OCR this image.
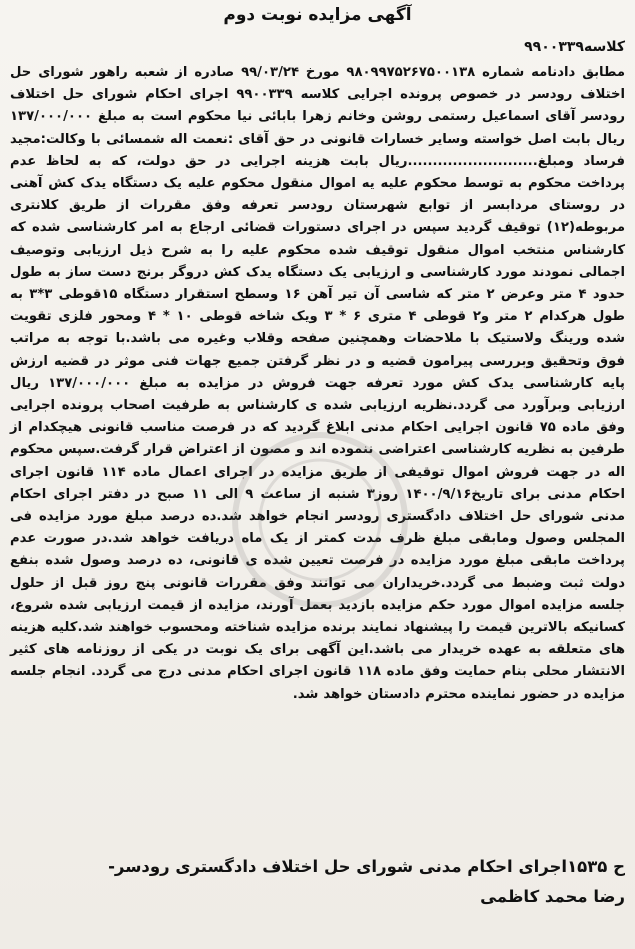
آگهی مزایده نوبت دوم
کلاسه۹۹۰۰۳۳۹
مطابق دادنامه شماره ۹۸۰۹۹۷۵۲۶۷۵۰۰۱۳۸ مورخ ۹۹/۰۳/۲۴ صادره از شعبه راهور شورای حل اختلاف رودسر در خصوص پرونده اجرایی کلاسه ۹۹۰۰۳۳۹ اجرای احکام شورای حل اختلاف رودسر آقای اسماعیل رستمی روشن وخانم زهرا بابائی نیا محکوم است به مبلغ ۱۳۷/۰۰۰/۰۰۰ ریال بابت اصل خواسته وسایر خسارات قانونی در حق آقای :نعمت اله شمسائی با وکالت:مجید فرساد ومبلغ..........................ریال بابت هزینه اجرایی در حق دولت، که به لحاظ عدم پرداخت محکوم به توسط محکوم علیه یه اموال منقول محکوم علیه یک دستگاه یدک کش آهنی در روستای مردابسر از توابع شهرستان رودسر تعرفه وفق مقررات از طریق کلانتری مربوطه(۱۲) توقیف گردید سپس در اجرای دستورات قضائی ارجاع به امر کارشناسی شده که کارشناس منتخب اموال منقول توقیف شده محکوم علیه را به شرح ذیل ارزیابی وتوصیف اجمالی نمودند مورد کارشناسی و ارزیابی یک دستگاه یدک کش دروگر برنج دست ساز به طول حدود ۴ متر وعرض ۲ متر که شاسی آن تیر آهن ۱۶ وسطح استقرار دستگاه ۱۵قوطی ۳*۳ به طول هرکدام ۲ متر و۲ قوطی ۴ متری ۶ * ۳ ویک شاخه قوطی ۱۰ * ۴ ومحور فلزی تقویت شده ورینگ ولاستیک با ملاحضات وهمچنین صفحه وقلاب وغیره می باشد.با توجه به مراتب فوق وتحقیق وبررسی پیرامون قضیه و در نظر گرفتن جمیع جهات فنی موثر در قضیه ارزش پایه کارشناسی یدک کش مورد تعرفه جهت فروش در مزایده به مبلغ ۱۳۷/۰۰۰/۰۰۰ ریال ارزیابی وبرآورد می گردد.نظریه ارزیابی شده ی کارشناس به طرفیت اصحاب پرونده اجرایی وفق ماده ۷۵ قانون اجرایی احکام مدنی ابلاغ گردید که در فرصت مناسب قانونی هیچکدام از طرفین به نظریه کارشناسی اعتراضی ننموده اند و مصون از اعتراض قرار گرفت.سپس محکوم اله در جهت فروش اموال توقیفی از طریق مزایده در اجرای اعمال ماده ۱۱۴ قانون اجرای احکام مدنی برای تاریخ۱۴۰۰/۹/۱۶ روز۳ شنبه از ساعت ۹ الی ۱۱ صبح در دفتر اجرای احکام مدنی شورای حل اختلاف دادگستری رودسر انجام خواهد شد.ده درصد مبلغ مورد مزایده فی المجلس وصول ومابقی مبلغ ظرف مدت کمتر از یک ماه دریافت خواهد شد.در صورت عدم پرداخت مابقی مبلغ مورد مزایده در فرصت تعیین شده ی قانونی، ده درصد وصول شده بنفع دولت ثبت وضبط می گردد.خریداران می توانند وفق مقررات قانونی پنج روز قبل از حلول جلسه مزایده اموال مورد حکم مزایده بازدید بعمل آورند، مزایده از قیمت ارزیابی شده شروع، کسانیکه بالاترین قیمت را پیشنهاد نمایند برنده مزایده شناخته ومحسوب خواهند شد.کلیه هزینه های متعلقه به عهده خریدار می باشد.این آگهی برای یک نوبت در یکی از روزنامه های کثیر الانتشار محلی بنام حمایت وفق ماده ۱۱۸ قانون اجرای احکام مدنی درج می گردد. انجام جلسه مزایده در حضور نماینده محترم دادستان خواهد شد.
ح ۱۵۳۵اجرای احکام مدنی شورای حل اختلاف دادگستری رودسر-
رضا محمد کاظمی
